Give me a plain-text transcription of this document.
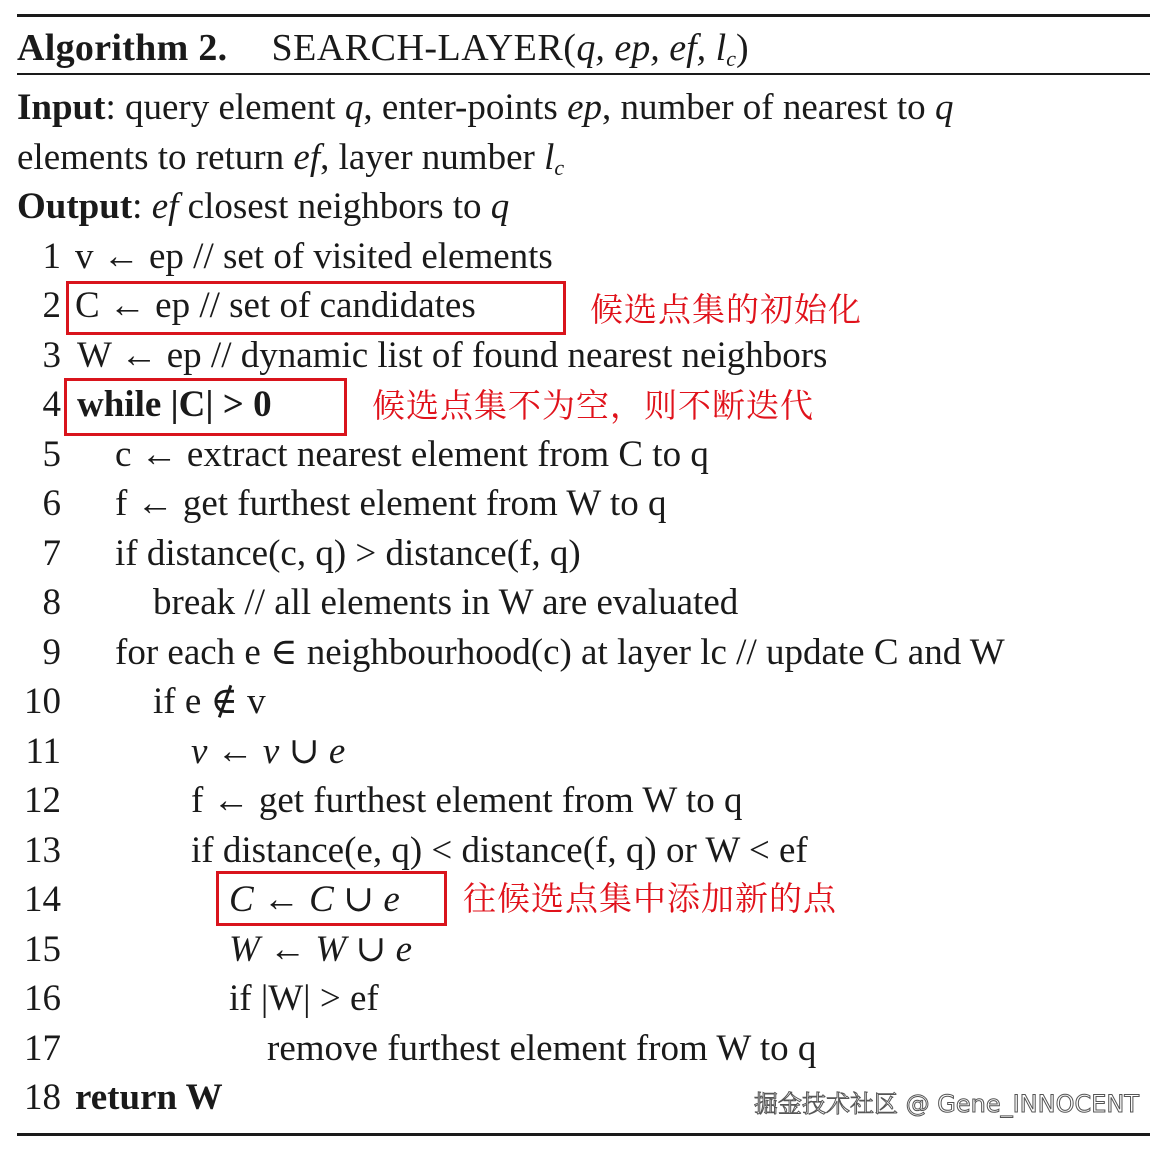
Algorithm 2. SEARCH-LAYER(q, ep, ef, $l_c$)
Input: query element q, enter-points ep, number of nearest to q
elements to return ef, layer number $l_c$
Output: ef closest neighbors to q
1 v ← ep // set of visited elements
2 C ← ep // set of candidates
3 W ← ep // dynamic list of found nearest neighbors
4 while |C| > 0
5 c ← extract nearest element from C to q
6 f ← get furthest element from W to q
7 if distance(c, q) > distance(f, q)
8 break // all elements in W are evaluated
9 for each e ∈ neighbourhood(c) at layer lc // update C and W
10 if e ∉ v
11	v ← v ∪ e
12	f ← get furthest element from W to q
13	if distance(e, q) < distance(f, q) or W < ef
14	C ← C ∪ e
15	W ← W ∪ e
16	if |W| > ef
17	remove furthest element from W to q
18 return W
候选点集的初始化
候选点集不为空，则不断迭代
往候选点集中添加新的点
掘金技术社区 @ Gene_INNOCENT
